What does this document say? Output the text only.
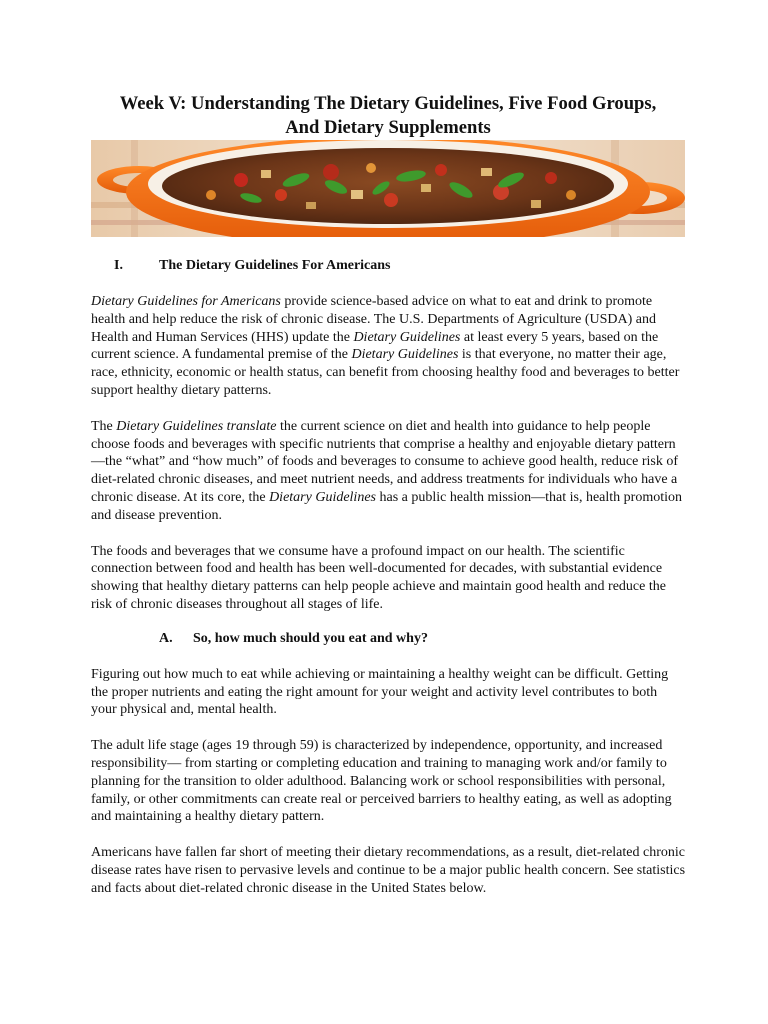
Week V: Understanding The Dietary Guidelines, Five Food Groups,
And Dietary Supplements
I.	The Dietary Guidelines For Americans

Dietary Guidelines for Americans provide science-based advice on what to eat and drink to promote health and help reduce the risk of chronic disease. The U.S. Departments of Agriculture (USDA) and Health and Human Services (HHS) update the Dietary Guidelines at least every 5 years, based on the current science. A fundamental premise of the Dietary Guidelines is that everyone, no matter their age, race, ethnicity, economic or health status, can benefit from choosing healthy food and beverages to better support healthy dietary patterns.

The Dietary Guidelines translate the current science on diet and health into guidance to help people choose foods and beverages with specific nutrients that comprise a healthy and enjoyable dietary pattern—the “what” and “how much” of foods and beverages to consume to achieve good health, reduce risk of diet-related chronic diseases, and meet nutrient needs, and address treatments for individuals who have a chronic disease. At its core, the Dietary Guidelines has a public health mission—that is, health promotion and disease prevention.

The foods and beverages that we consume have a profound impact on our health. The scientific connection between food and health has been well-documented for decades, with substantial evidence showing that healthy dietary patterns can help people achieve and maintain good health and reduce the risk of chronic diseases throughout all stages of life.

A. So, how much should you eat and why?

Figuring out how much to eat while achieving or maintaining a healthy weight can be difficult. Getting the proper nutrients and eating the right amount for your weight and activity level contributes to both your physical and, mental health.

The adult life stage (ages 19 through 59) is characterized by independence, opportunity, and increased responsibility— from starting or completing education and training to managing work and/or family to planning for the transition to older adulthood. Balancing work or school responsibilities with personal, family, or other commitments can create real or perceived barriers to healthy eating, as well as adopting and maintaining a healthy dietary pattern.

Americans have fallen far short of meeting their dietary recommendations, as a result, diet-related chronic disease rates have risen to pervasive levels and continue to be a major public health concern. See statistics and facts about diet-related chronic disease in the United States below.
